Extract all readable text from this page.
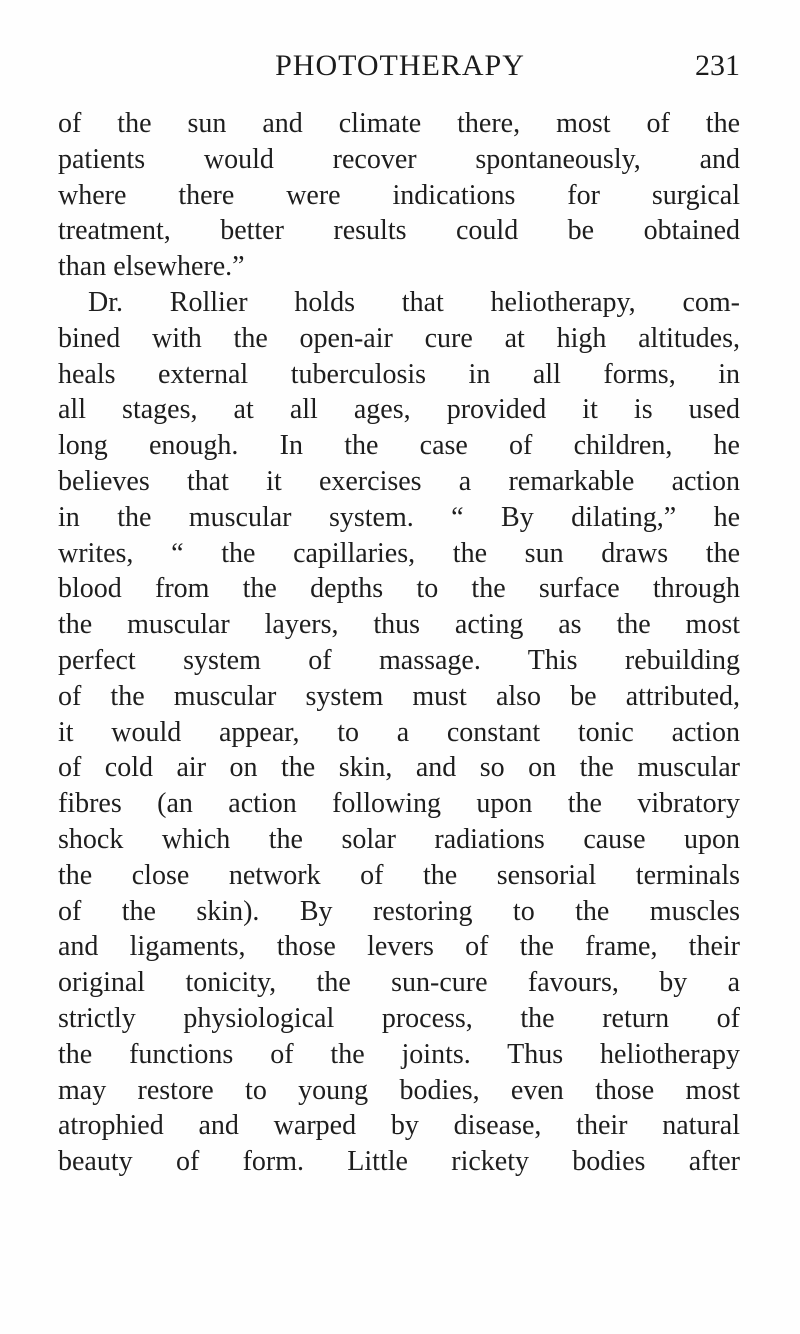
PHOTOTHERAPY	231
of the sun and climate there, most of the
patients would recover spontaneously, and
where there were indications for surgical
treatment, better results could be obtained
than elsewhere.”
Dr. Rollier holds that heliotherapy, com-
bined with the open-air cure at high altitudes,
heals external tuberculosis in all forms, in
all stages, at all ages, provided it is used
long enough. In the case of children, he
believes that it exercises a remarkable action
in the muscular system. “ By dilating,” he
writes, “ the capillaries, the sun draws the
blood from the depths to the surface through
the muscular layers, thus acting as the most
perfect system of massage. This rebuilding
of the muscular system must also be attributed,
it would appear, to a constant tonic action
of cold air on the skin, and so on the muscular
fibres (an action following upon the vibratory
shock which the solar radiations cause upon
the close network of the sensorial terminals
of the skin). By restoring to the muscles
and ligaments, those levers of the frame, their
original tonicity, the sun-cure favours, by a
strictly physiological process, the return of
the functions of the joints. Thus heliotherapy
may restore to young bodies, even those most
atrophied and warped by disease, their natural
beauty of form. Little rickety bodies after
